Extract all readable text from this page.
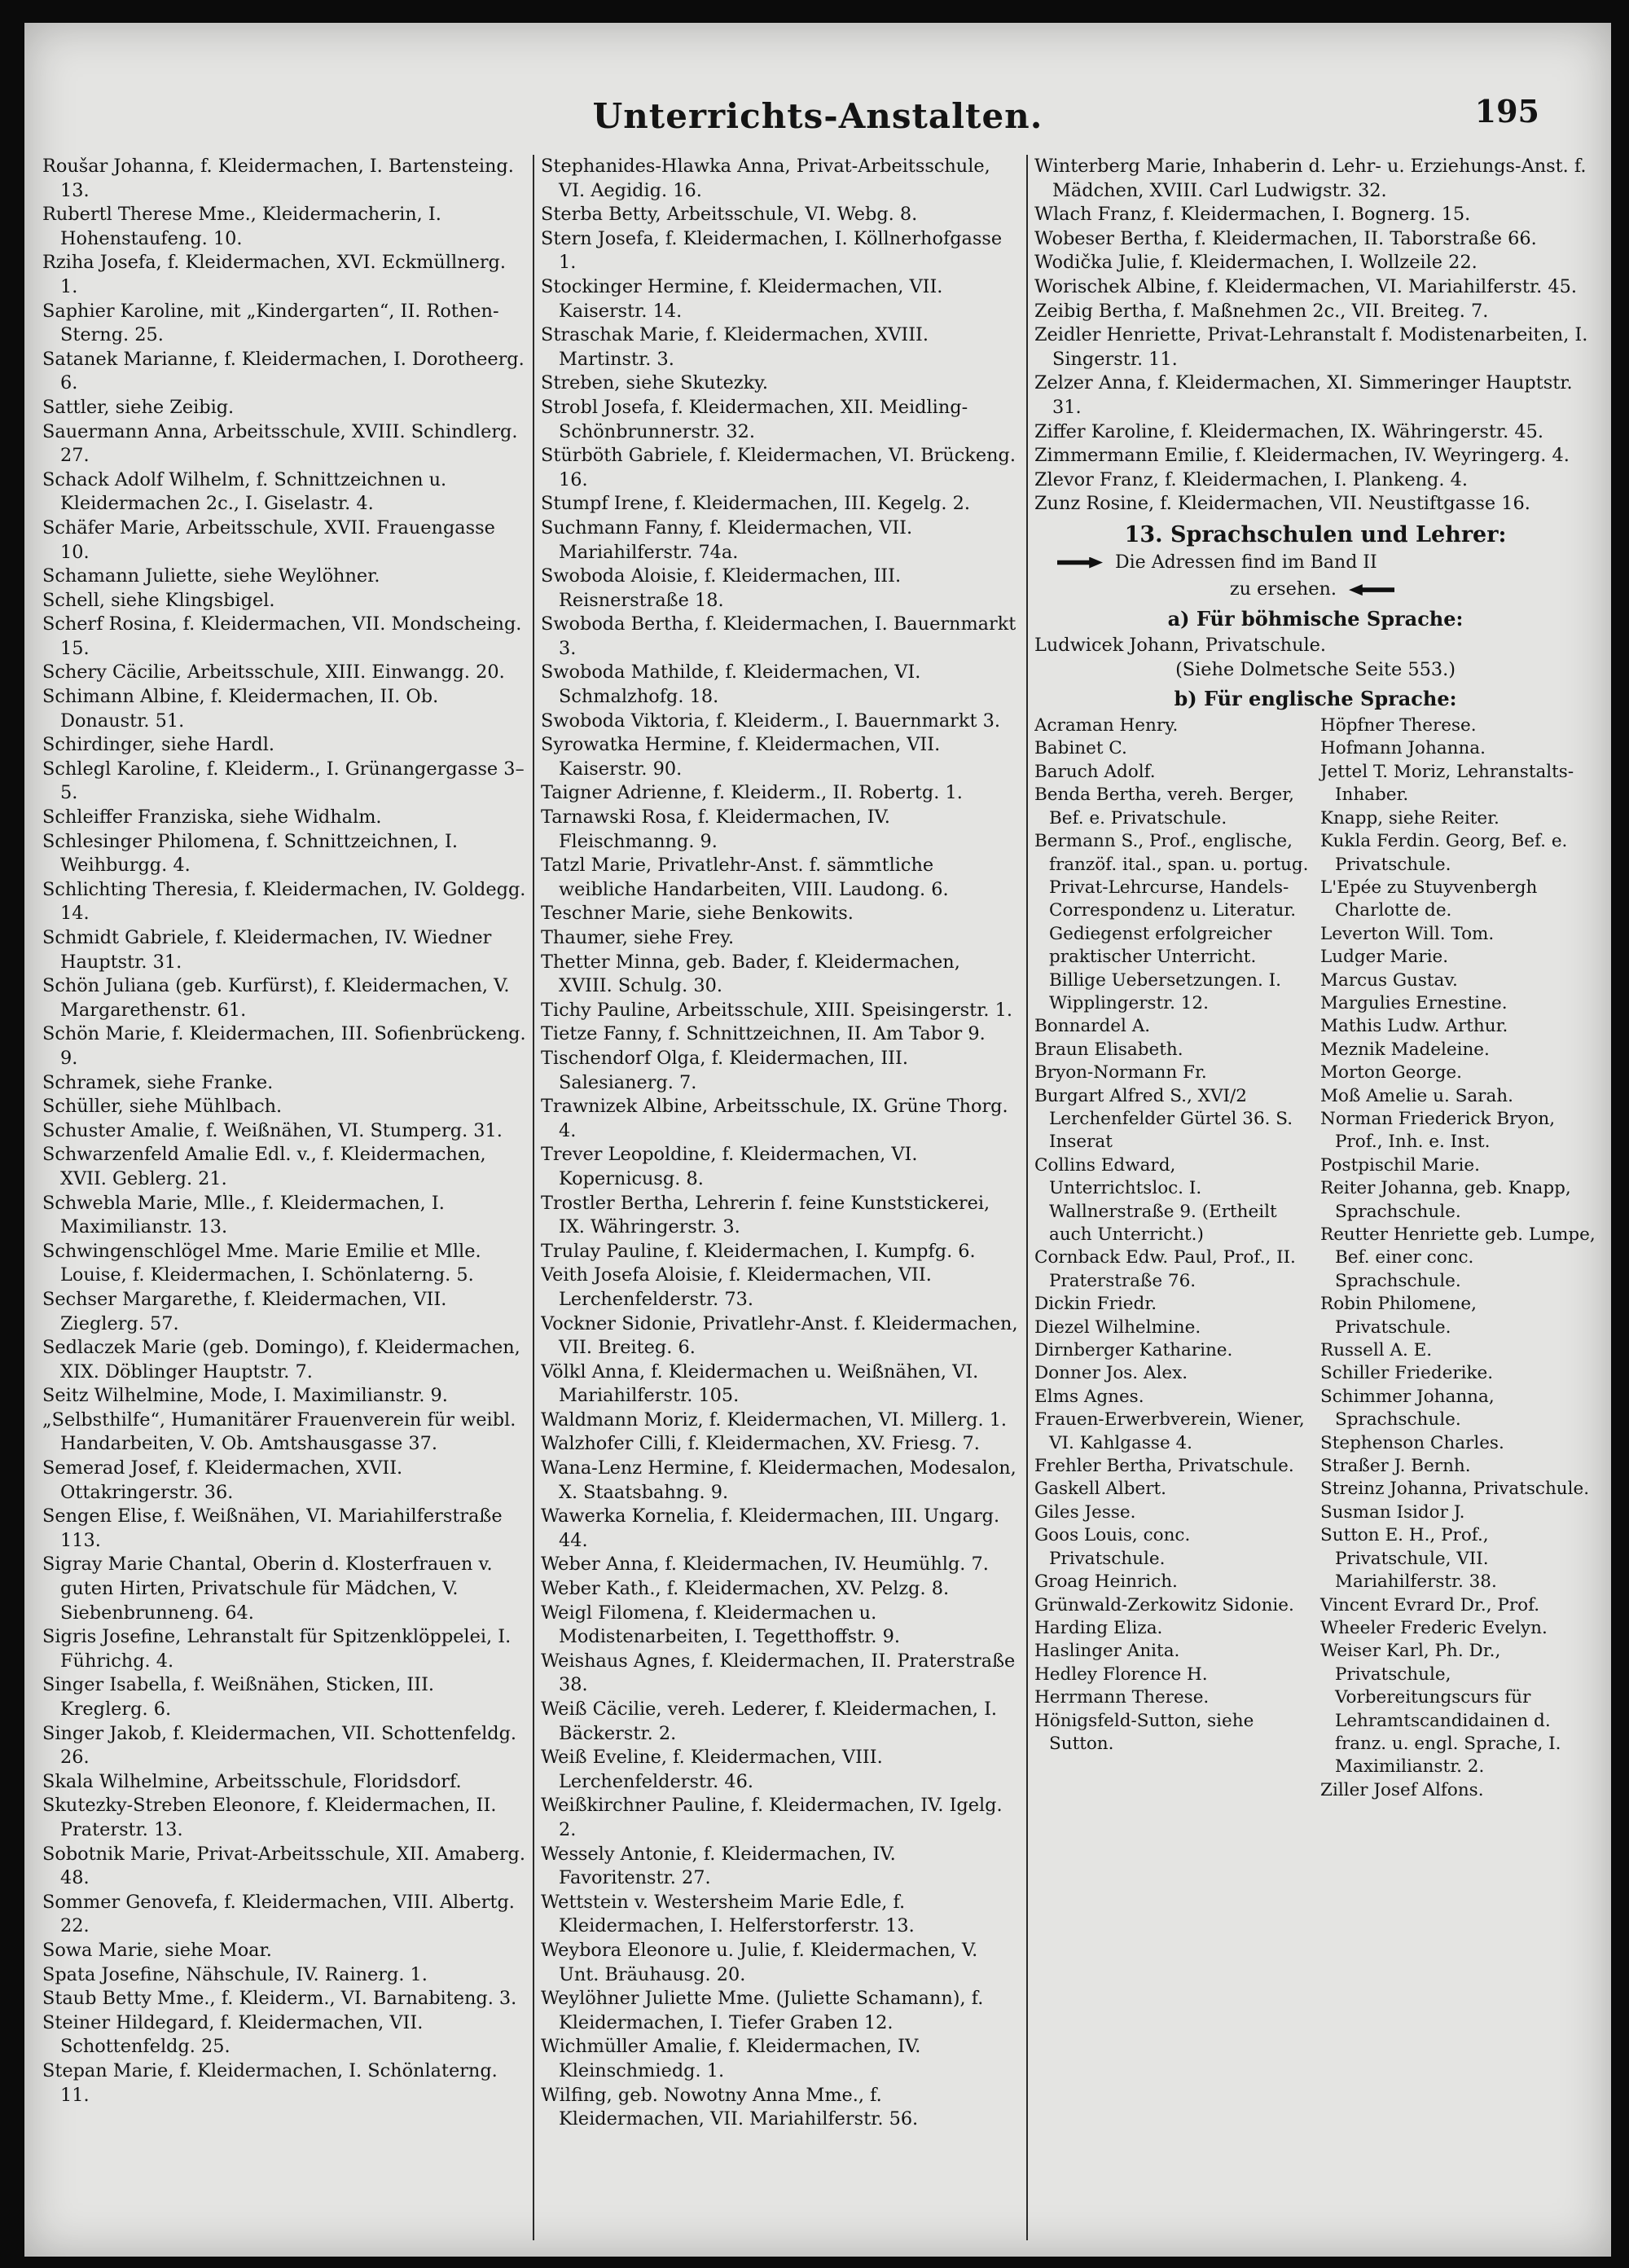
Unterrichts-Anstalten.	195

Roušar Johanna, f. Kleidermachen, I. Bartensteing. 13.

Rubertl Therese Mme., Kleidermacherin, I. Hohenstaufeng. 10.

Rziha Josefa, f. Kleidermachen, XVI. Eckmüllnerg. 1.

Saphier Karoline, mit „Kindergarten“, II. Rothen-Sterng. 25.

Satanek Marianne, f. Kleidermachen, I. Dorotheerg. 6.

Sattler, siehe Zeibig.

Sauermann Anna, Arbeitsschule, XVIII. Schindlerg. 27.

Schack Adolf Wilhelm, f. Schnittzeichnen u. Kleidermachen 2c., I. Giselastr. 4.

Schäfer Marie, Arbeitsschule, XVII. Frauengasse 10.

Schamann Juliette, siehe Weylöhner.

Schell, siehe Klingsbigel.

Scherf Rosina, f. Kleidermachen, VII. Mondscheing. 15.

Schery Cäcilie, Arbeitsschule, XIII. Einwangg. 20.

Schimann Albine, f. Kleidermachen, II. Ob. Donaustr. 51.

Schirdinger, siehe Hardl.

Schlegl Karoline, f. Kleiderm., I. Grünangergasse 3–5.

Schleiffer Franziska, siehe Widhalm.

Schlesinger Philomena, f. Schnittzeichnen, I. Weihburgg. 4.

Schlichting Theresia, f. Kleidermachen, IV. Goldegg. 14.

Schmidt Gabriele, f. Kleidermachen, IV. Wiedner Hauptstr. 31.

Schön Juliana (geb. Kurfürst), f. Kleidermachen, V. Margarethenstr. 61.

Schön Marie, f. Kleidermachen, III. Sofienbrückeng. 9.

Schramek, siehe Franke.

Schüller, siehe Mühlbach.

Schuster Amalie, f. Weißnähen, VI. Stumperg. 31.

Schwarzenfeld Amalie Edl. v., f. Kleidermachen, XVII. Geblerg. 21.

Schwebla Marie, Mlle., f. Kleidermachen, I. Maximilianstr. 13.

Schwingenschlögel Mme. Marie Emilie et Mlle. Louise, f. Kleidermachen, I. Schönlaterng. 5.

Sechser Margarethe, f. Kleidermachen, VII. Zieglerg. 57.

Sedlaczek Marie (geb. Domingo), f. Kleidermachen, XIX. Döblinger Hauptstr. 7.

Seitz Wilhelmine, Mode, I. Maximilianstr. 9.

„Selbsthilfe“, Humanitärer Frauenverein für weibl. Handarbeiten, V. Ob. Amtshausgasse 37.

Semerad Josef, f. Kleidermachen, XVII. Ottakringerstr. 36.

Sengen Elise, f. Weißnähen, VI. Mariahilferstraße 113.

Sigray Marie Chantal, Oberin d. Klosterfrauen v. guten Hirten, Privatschule für Mädchen, V. Siebenbrunneng. 64.

Sigris Josefine, Lehranstalt für Spitzenklöppelei, I. Führichg. 4.

Singer Isabella, f. Weißnähen, Sticken, III. Kreglerg. 6.

Singer Jakob, f. Kleidermachen, VII. Schottenfeldg. 26.

Skala Wilhelmine, Arbeitsschule, Floridsdorf.

Skutezky-Streben Eleonore, f. Kleidermachen, II. Praterstr. 13.

Sobotnik Marie, Privat-Arbeitsschule, XII. Amaberg. 48.

Sommer Genovefa, f. Kleidermachen, VIII. Albertg. 22.

Sowa Marie, siehe Moar.

Spata Josefine, Nähschule, IV. Rainerg. 1.

Staub Betty Mme., f. Kleiderm., VI. Barnabiteng. 3.

Steiner Hildegard, f. Kleidermachen, VII. Schottenfeldg. 25.

Stepan Marie, f. Kleidermachen, I. Schönlaterng. 11.

Stephanides-Hlawka Anna, Privat-Arbeitsschule, VI. Aegidig. 16.

Sterba Betty, Arbeitsschule, VI. Webg. 8.

Stern Josefa, f. Kleidermachen, I. Köllnerhofgasse 1.

Stockinger Hermine, f. Kleidermachen, VII. Kaiserstr. 14.

Straschak Marie, f. Kleidermachen, XVIII. Martinstr. 3.

Streben, siehe Skutezky.

Strobl Josefa, f. Kleidermachen, XII. Meidling-Schönbrunnerstr. 32.

Stürböth Gabriele, f. Kleidermachen, VI. Brückeng. 16.

Stumpf Irene, f. Kleidermachen, III. Kegelg. 2.

Suchmann Fanny, f. Kleidermachen, VII. Mariahilferstr. 74a.

Swoboda Aloisie, f. Kleidermachen, III. Reisnerstraße 18.

Swoboda Bertha, f. Kleidermachen, I. Bauernmarkt 3.

Swoboda Mathilde, f. Kleidermachen, VI. Schmalzhofg. 18.

Swoboda Viktoria, f. Kleiderm., I. Bauernmarkt 3.

Syrowatka Hermine, f. Kleidermachen, VII. Kaiserstr. 90.

Taigner Adrienne, f. Kleiderm., II. Robertg. 1.

Tarnawski Rosa, f. Kleidermachen, IV. Fleischmanng. 9.

Tatzl Marie, Privatlehr-Anst. f. sämmtliche weibliche Handarbeiten, VIII. Laudong. 6.

Teschner Marie, siehe Benkowits.

Thaumer, siehe Frey.

Thetter Minna, geb. Bader, f. Kleidermachen, XVIII. Schulg. 30.

Tichy Pauline, Arbeitsschule, XIII. Speisingerstr. 1.

Tietze Fanny, f. Schnittzeichnen, II. Am Tabor 9.

Tischendorf Olga, f. Kleidermachen, III. Salesianerg. 7.

Trawnizek Albine, Arbeitsschule, IX. Grüne Thorg. 4.

Trever Leopoldine, f. Kleidermachen, VI. Kopernicusg. 8.

Trostler Bertha, Lehrerin f. feine Kunststickerei, IX. Währingerstr. 3.

Trulay Pauline, f. Kleidermachen, I. Kumpfg. 6.

Veith Josefa Aloisie, f. Kleidermachen, VII. Lerchenfelderstr. 73.

Vockner Sidonie, Privatlehr-Anst. f. Kleidermachen, VII. Breiteg. 6.

Völkl Anna, f. Kleidermachen u. Weißnähen, VI. Mariahilferstr. 105.

Waldmann Moriz, f. Kleidermachen, VI. Millerg. 1.

Walzhofer Cilli, f. Kleidermachen, XV. Friesg. 7.

Wana-Lenz Hermine, f. Kleidermachen, Modesalon, X. Staatsbahng. 9.

Wawerka Kornelia, f. Kleidermachen, III. Ungarg. 44.

Weber Anna, f. Kleidermachen, IV. Heumühlg. 7.

Weber Kath., f. Kleidermachen, XV. Pelzg. 8.

Weigl Filomena, f. Kleidermachen u. Modistenarbeiten, I. Tegetthoffstr. 9.

Weishaus Agnes, f. Kleidermachen, II. Praterstraße 38.

Weiß Cäcilie, vereh. Lederer, f. Kleidermachen, I. Bäckerstr. 2.

Weiß Eveline, f. Kleidermachen, VIII. Lerchenfelderstr. 46.

Weißkirchner Pauline, f. Kleidermachen, IV. Igelg. 2.

Wessely Antonie, f. Kleidermachen, IV. Favoritenstr. 27.

Wettstein v. Westersheim Marie Edle, f. Kleidermachen, I. Helferstorferstr. 13.

Weybora Eleonore u. Julie, f. Kleidermachen, V. Unt. Bräuhausg. 20.

Weylöhner Juliette Mme. (Juliette Schamann), f. Kleidermachen, I. Tiefer Graben 12.

Wichmüller Amalie, f. Kleidermachen, IV. Kleinschmiedg. 1.

Wilfing, geb. Nowotny Anna Mme., f. Kleidermachen, VII. Mariahilferstr. 56.

Winterberg Marie, Inhaberin d. Lehr- u. Erziehungs-Anst. f. Mädchen, XVIII. Carl Ludwigstr. 32.

Wlach Franz, f. Kleidermachen, I. Bognerg. 15.

Wobeser Bertha, f. Kleidermachen, II. Taborstraße 66.

Wodička Julie, f. Kleidermachen, I. Wollzeile 22.

Worischek Albine, f. Kleidermachen, VI. Mariahilferstr. 45.

Zeibig Bertha, f. Maßnehmen 2c., VII. Breiteg. 7.

Zeidler Henriette, Privat-Lehranstalt f. Modistenarbeiten, I. Singerstr. 11.

Zelzer Anna, f. Kleidermachen, XI. Simmeringer Hauptstr. 31.

Ziffer Karoline, f. Kleidermachen, IX. Währingerstr. 45.

Zimmermann Emilie, f. Kleidermachen, IV. Weyringerg. 4.

Zlevor Franz, f. Kleidermachen, I. Plankeng. 4.

Zunz Rosine, f. Kleidermachen, VII. Neustiftgasse 16.

13. Sprachschulen und Lehrer:

Die Adressen find im Band II

zu ersehen.

a) Für böhmische Sprache:

Ludwicek Johann, Privatschule.

(Siehe Dolmetsche Seite 553.)

b) Für englische Sprache:

Acraman Henry.

Babinet C.

Baruch Adolf.

Benda Bertha, vereh. Berger, Bef. e. Privatschule.

Bermann S., Prof., englische, franzöf. ital., span. u. portug. Privat-Lehrcurse, Handels-Correspondenz u. Literatur. Gediegenst erfolgreicher praktischer Unterricht. Billige Uebersetzungen. I. Wipplingerstr. 12.

Bonnardel A.

Braun Elisabeth.

Bryon-Normann Fr.

Burgart Alfred S., XVI/2 Lerchenfelder Gürtel 36. S. Inserat

Collins Edward, Unterrichtsloc. I. Wallnerstraße 9. (Ertheilt auch Unterricht.)

Cornback Edw. Paul, Prof., II. Praterstraße 76.

Dickin Friedr.

Diezel Wilhelmine.

Dirnberger Katharine.

Donner Jos. Alex.

Elms Agnes.

Frauen-Erwerbverein, Wiener, VI. Kahlgasse 4.

Frehler Bertha, Privatschule.

Gaskell Albert.

Giles Jesse.

Goos Louis, conc. Privatschule.

Groag Heinrich.

Grünwald-Zerkowitz Sidonie.

Harding Eliza.

Haslinger Anita.

Hedley Florence H.

Herrmann Therese.

Hönigsfeld-Sutton, siehe Sutton.

Höpfner Therese.

Hofmann Johanna.

Jettel T. Moriz, Lehranstalts-Inhaber.

Knapp, siehe Reiter.

Kukla Ferdin. Georg, Bef. e. Privatschule.

L'Epée zu Stuyvenbergh Charlotte de.

Leverton Will. Tom.

Ludger Marie.

Marcus Gustav.

Margulies Ernestine.

Mathis Ludw. Arthur.

Meznik Madeleine.

Morton George.

Moß Amelie u. Sarah.

Norman Friederick Bryon, Prof., Inh. e. Inst.

Postpischil Marie.

Reiter Johanna, geb. Knapp, Sprachschule.

Reutter Henriette geb. Lumpe, Bef. einer conc. Sprachschule.

Robin Philomene, Privatschule.

Russell A. E.

Schiller Friederike.

Schimmer Johanna, Sprachschule.

Stephenson Charles.

Straßer J. Bernh.

Streinz Johanna, Privatschule.

Susman Isidor J.

Sutton E. H., Prof., Privatschule, VII. Mariahilferstr. 38.

Vincent Evrard Dr., Prof.

Wheeler Frederic Evelyn.

Weiser Karl, Ph. Dr., Privatschule, Vorbereitungscurs für Lehramtscandidainen d. franz. u. engl. Sprache, I. Maximilianstr. 2.

Ziller Josef Alfons.
